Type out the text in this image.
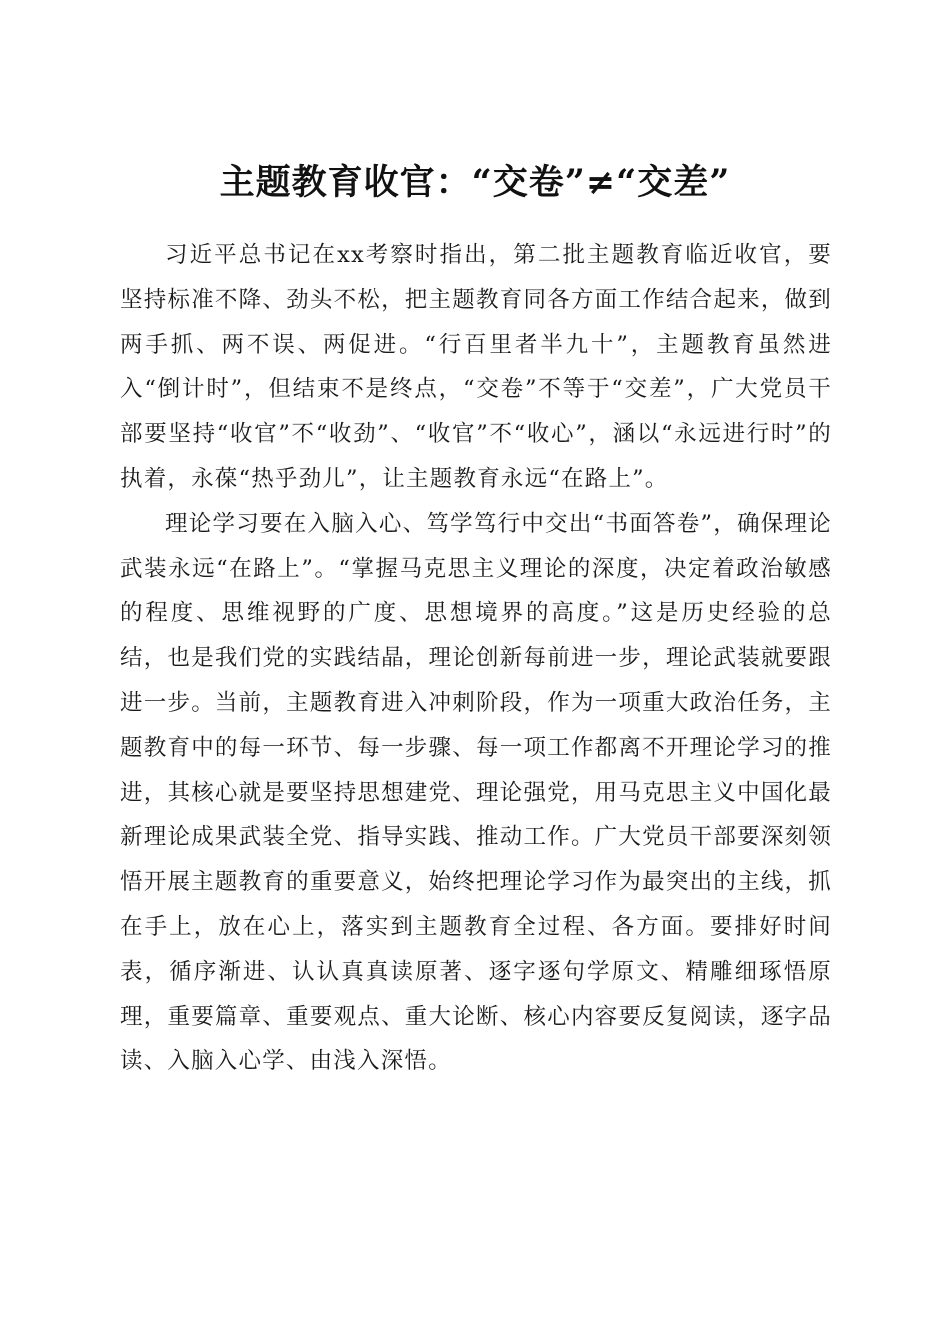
主题教育收官：“交卷”≠“交差”

习近平总书记在xx考察时指出，第二批主题教育临近收官，要坚持标准不降、劲头不松，把主题教育同各方面工作结合起来，做到两手抓、两不误、两促进。“行百里者半九十”，主题教育虽然进入“倒计时”，但结束不是终点，“交卷”不等于“交差”，广大党员干部要坚持“收官”不“收劲”、“收官”不“收心”，涵以“永远进行时”的执着，永葆“热乎劲儿”，让主题教育永远“在路上”。

理论学习要在入脑入心、笃学笃行中交出“书面答卷”，确保理论武装永远“在路上”。“掌握马克思主义理论的深度，决定着政治敏感的程度、思维视野的广度、思想境界的高度。”这是历史经验的总结，也是我们党的实践结晶，理论创新每前进一步，理论武装就要跟进一步。当前，主题教育进入冲刺阶段，作为一项重大政治任务，主题教育中的每一环节、每一步骤、每一项工作都离不开理论学习的推进，其核心就是要坚持思想建党、理论强党，用马克思主义中国化最新理论成果武装全党、指导实践、推动工作。广大党员干部要深刻领悟开展主题教育的重要意义，始终把理论学习作为最突出的主线，抓在手上，放在心上，落实到主题教育全过程、各方面。要排好时间表，循序渐进、认认真真读原著、逐字逐句学原文、精雕细琢悟原理，重要篇章、重要观点、重大论断、核心内容要反复阅读，逐字品读、入脑入心学、由浅入深悟。
